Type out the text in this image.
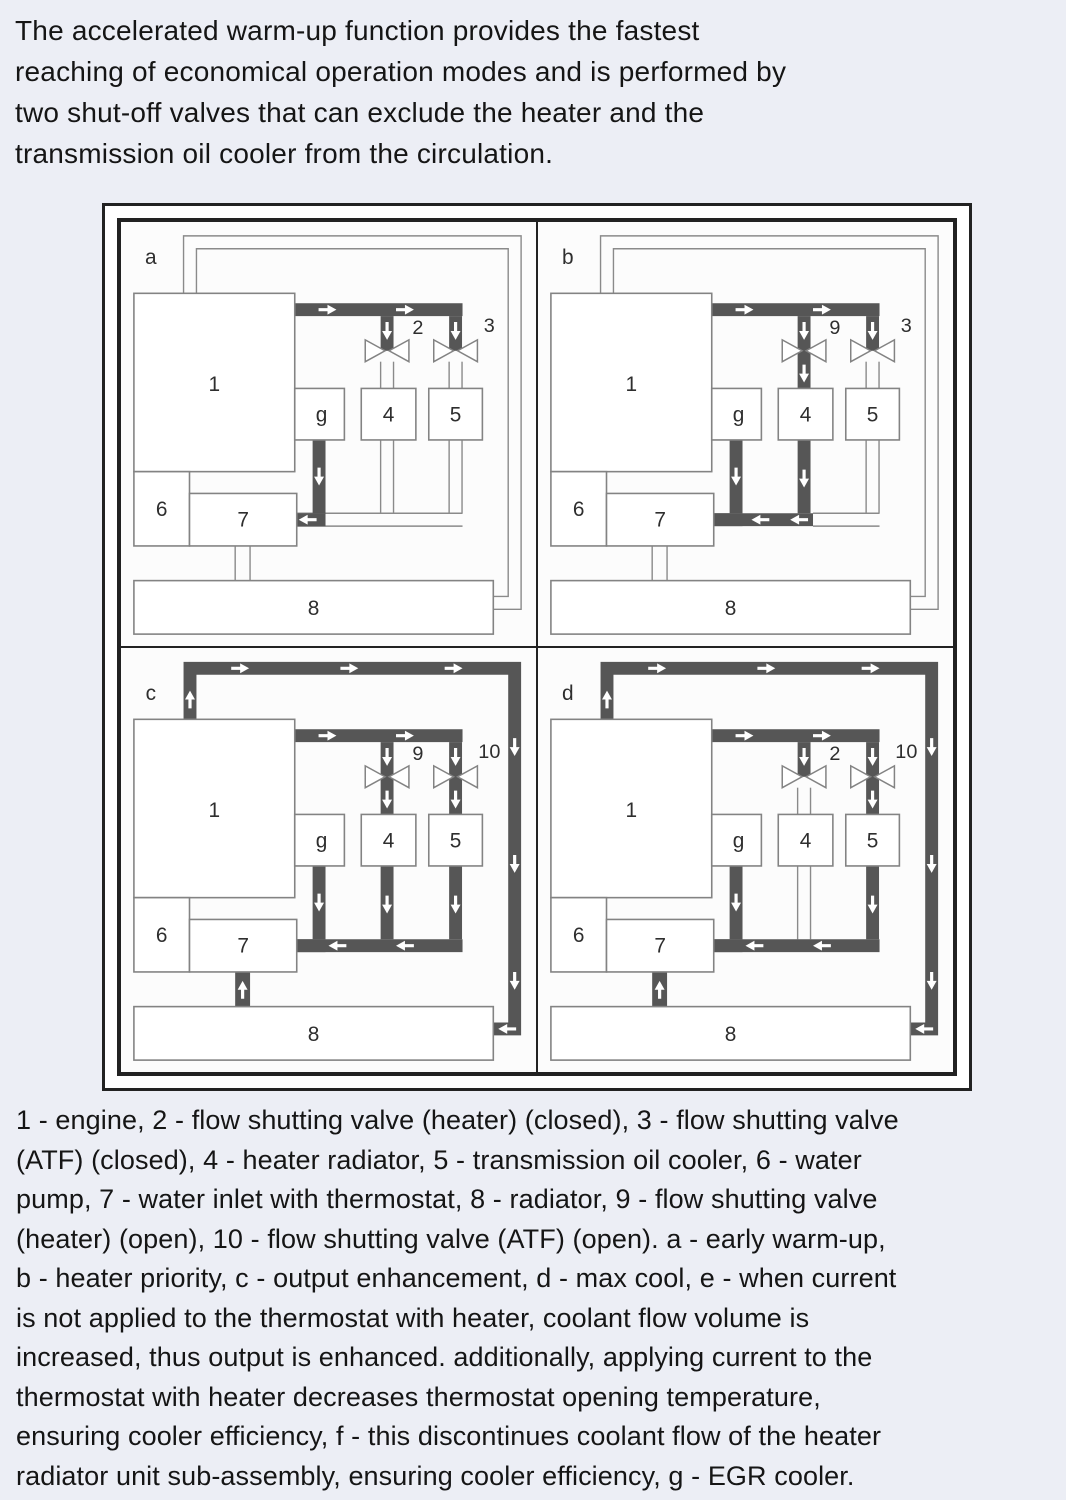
The accelerated warm-up function provides the fastest
reaching of economical operation modes and is performed by
two shut-off valves that can exclude the heater and the
transmission oil cooler from the circulation.
1
g	4	5
6	7
8
2	3
a
1
g	4	5
6	7
8
9	3
b
1
g	4	5
6	7
8
9	10
c
1
g	4	5
6	7
8
2	10
d
1 - engine, 2 - flow shutting valve (heater) (closed), 3 - flow shutting valve
(ATF) (closed), 4 - heater radiator, 5 - transmission oil cooler, 6 - water
pump, 7 - water inlet with thermostat, 8 - radiator, 9 - flow shutting valve
(heater) (open), 10 - flow shutting valve (ATF) (open). a - early warm-up,
b - heater priority, c - output enhancement, d - max cool, e - when current
is not applied to the thermostat with heater, coolant flow volume is
increased, thus output is enhanced. additionally, applying current to the
thermostat with heater decreases thermostat opening temperature,
ensuring cooler efficiency, f - this discontinues coolant flow of the heater
radiator unit sub-assembly, ensuring cooler efficiency, g - EGR cooler.
